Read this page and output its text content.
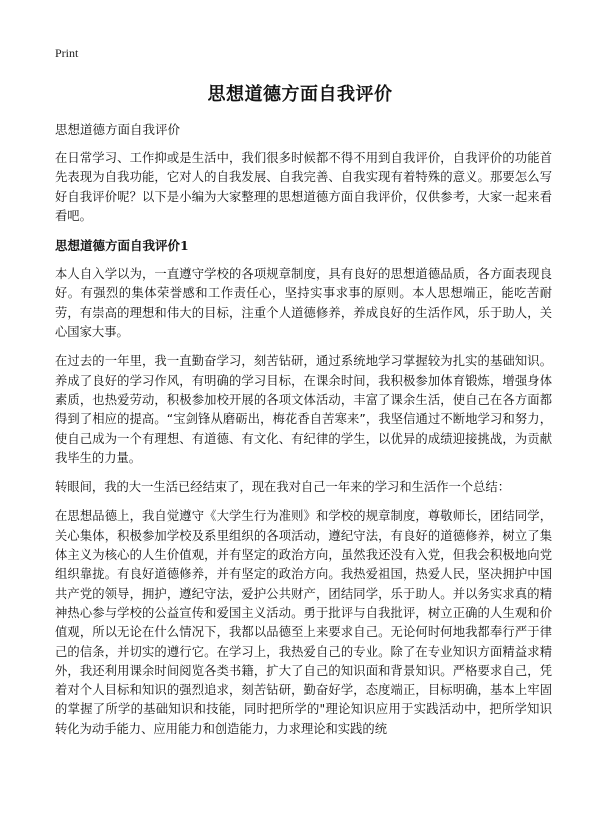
Print
思想道德方面自我评价

思想道德方面自我评价

在日常学习、工作抑或是生活中，我们很多时候都不得不用到自我评价，自我评价的功能首先表现为自我功能，它对人的自我发展、自我完善、自我实现有着特殊的意义。那要怎么写好自我评价呢？以下是小编为大家整理的思想道德方面自我评价，仅供参考，大家一起来看看吧。

思想道德方面自我评价1

本人自入学以为，一直遵守学校的各项规章制度，具有良好的思想道德品质，各方面表现良好。有强烈的集体荣誉感和工作责任心，坚持实事求事的原则。本人思想端正，能吃苦耐劳，有崇高的理想和伟大的目标，注重个人道德修养，养成良好的生活作风，乐于助人，关心国家大事。

在过去的一年里，我一直勤奋学习，刻苦钻研，通过系统地学习掌握较为扎实的基础知识。养成了良好的学习作风，有明确的学习目标，在课余时间，我积极参加体育锻炼，增强身体素质，也热爱劳动，积极参加校开展的各项文体活动，丰富了课余生活，使自己在各方面都得到了相应的提高。“宝剑锋从磨砺出，梅花香自苦寒来”，我坚信通过不断地学习和努力，使自己成为一个有理想、有道德、有文化、有纪律的学生，以优异的成绩迎接挑战，为贡献我毕生的力量。

转眼间，我的大一生活已经结束了，现在我对自己一年来的学习和生活作一个总结：

在思想品德上，我自觉遵守《大学生行为准则》和学校的规章制度，尊敬师长，团结同学，关心集体，积极参加学校及系里组织的各项活动，遵纪守法，有良好的道德修养，树立了集体主义为核心的人生价值观，并有坚定的政治方向，虽然我还没有入党，但我会积极地向党组织靠拢。有良好道德修养，并有坚定的政治方向。我热爱祖国，热爱人民，坚决拥护中国共产党的领导，拥护，遵纪守法，爱护公共财产，团结同学，乐于助人。并以务实求真的精神热心参与学校的公益宣传和爱国主义活动。勇于批评与自我批评，树立正确的人生观和价值观，所以无论在什么情况下，我都以品德至上来要求自己。无论何时何地我都奉行严于律己的信条，并切实的遵行它。在学习上，我热爱自己的专业。除了在专业知识方面精益求精外，我还利用课余时间阅览各类书籍，扩大了自己的知识面和背景知识。严格要求自己，凭着对个人目标和知识的强烈追求，刻苦钻研，勤奋好学，态度端正，目标明确，基本上牢固的掌握了所学的基础知识和技能，同时把所学的"理论知识应用于实践活动中，把所学知识转化为动手能力、应用能力和创造能力，力求理论和实践的统
